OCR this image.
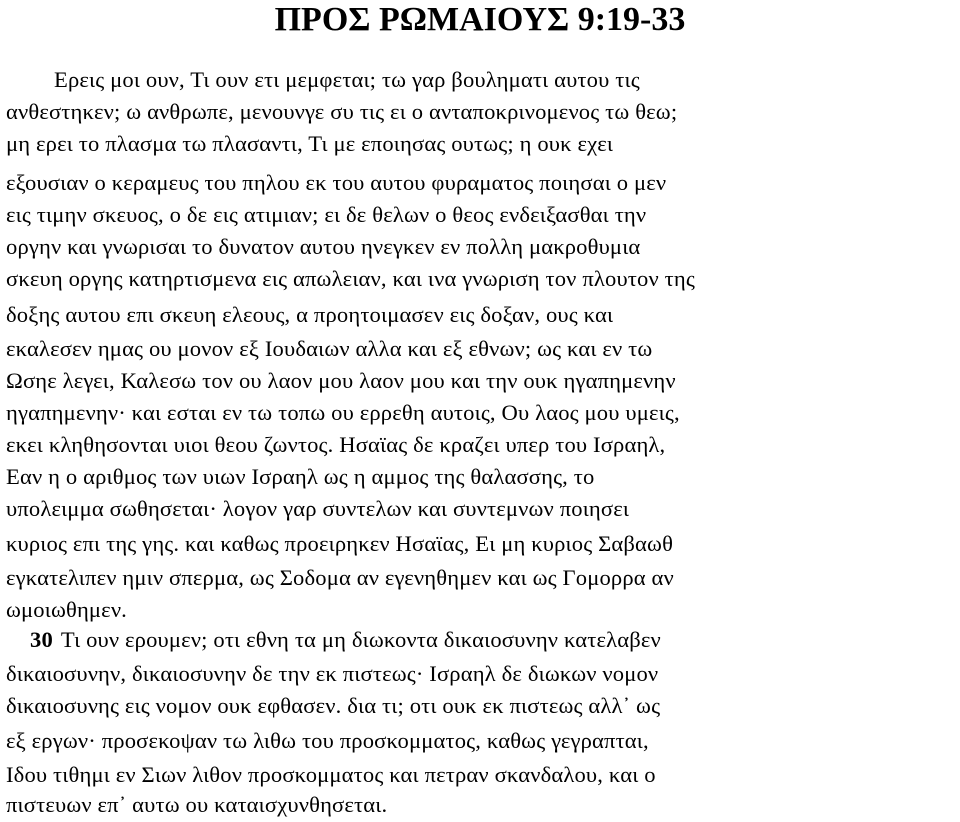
ΠΡΟΣ ΡΩΜΑΙΟΥΣ 9:19-33
Ερεις μοι ουν, Τι ουν ετι μεμφεται; τω γαρ βουληματι αυτου τις
ανθεστηκεν; ω ανθρωπε, μενουνγε συ τις ει ο ανταποκρινομενος τω θεω;
μη ερει το πλασμα τω πλασαντι, Τι με εποιησας ουτως; η ουκ εχει
εξουσιαν ο κεραμευς του πηλου εκ του αυτου φυραματος ποιησαι ο μεν
εις τιμην σκευος, ο δε εις ατιμιαν; ει δε θελων ο θεος ενδειξασθαι την
οργην και γνωρισαι το δυνατον αυτου ηνεγκεν εν πολλη μακροθυμια
σκευη οργης κατηρτισμενα εις απωλειαν, και ινα γνωριση τον πλουτον της
δοξης αυτου επι σκευη ελεους, α προητοιμασεν εις δοξαν, ους και
εκαλεσεν ημας ου μονον εξ Ιουδαιων αλλα και εξ εθνων; ως και εν τω
Ωσηε λεγει, Καλεσω τον ου λαον μου λαον μου και την ουκ ηγαπημενην
ηγαπημενην· και εσται εν τω τοπω ου ερρεθη αυτοις, Ου λαος μου υμεις,
εκει κληθησονται υιοι θεου ζωντος. Ησαϊας δε κραζει υπερ του Ισραηλ,
Εαν η ο αριθμος των υιων Ισραηλ ως η αμμος της θαλασσης, το
υπολειμμα σωθησεται· λογον γαρ συντελων και συντεμνων ποιησει
κυριος επι της γης. και καθως προειρηκεν Ησαϊας, Ει μη κυριος Σαβαωθ
εγκατελιπεν ημιν σπερμα, ως Σοδομα αν εγενηθημεν και ως Γομορρα αν
ωμοιωθημεν.
30 Τι ουν ερουμεν; οτι εθνη τα μη διωκοντα δικαιοσυνην κατελαβεν
δικαιοσυνην, δικαιοσυνην δε την εκ πιστεως· Ισραηλ δε διωκων νομον
δικαιοσυνης εις νομον ουκ εφθασεν. δια τι; οτι ουκ εκ πιστεως αλλ᾽ ως
εξ εργων· προσεκοψαν τω λιθω του προσκομματος, καθως γεγραπται,
Ιδου τιθημι εν Σιων λιθον προσκομματος και πετραν σκανδαλου, και ο
πιστευων επ᾽ αυτω ου καταισχυνθησεται.
